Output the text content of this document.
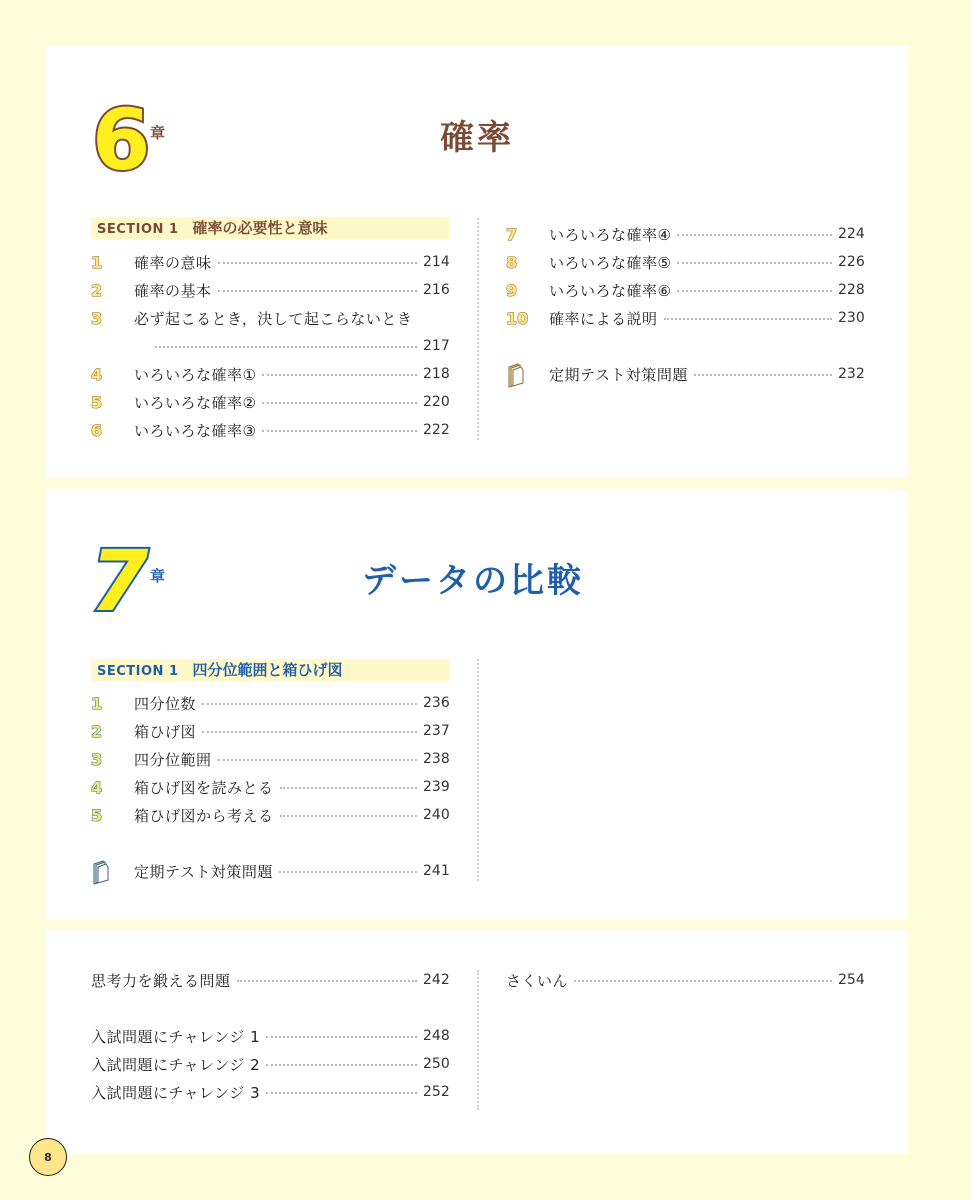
6 章	確率
SECTION 1 確率の必要性と意味
1	確率の意味	214
2	確率の基本	216
3	必ず起こるとき，決して起こらないとき
217
4	いろいろな確率①	218
5	いろいろな確率②	220
6	いろいろな確率③	222
7	いろいろな確率④	224
8	いろいろな確率⑤	226
9	いろいろな確率⑥	228
10	確率による説明	230
定期テスト対策問題	232
7 章	データの比較
SECTION 1 四分位範囲と箱ひげ図
1	四分位数	236
2	箱ひげ図	237
3	四分位範囲	238
4	箱ひげ図を読みとる	239
5	箱ひげ図から考える	240
定期テスト対策問題	241
思考力を鍛える問題	242
入試問題にチャレンジ 1	248
入試問題にチャレンジ 2	250
入試問題にチャレンジ 3	252
さくいん	254
8
